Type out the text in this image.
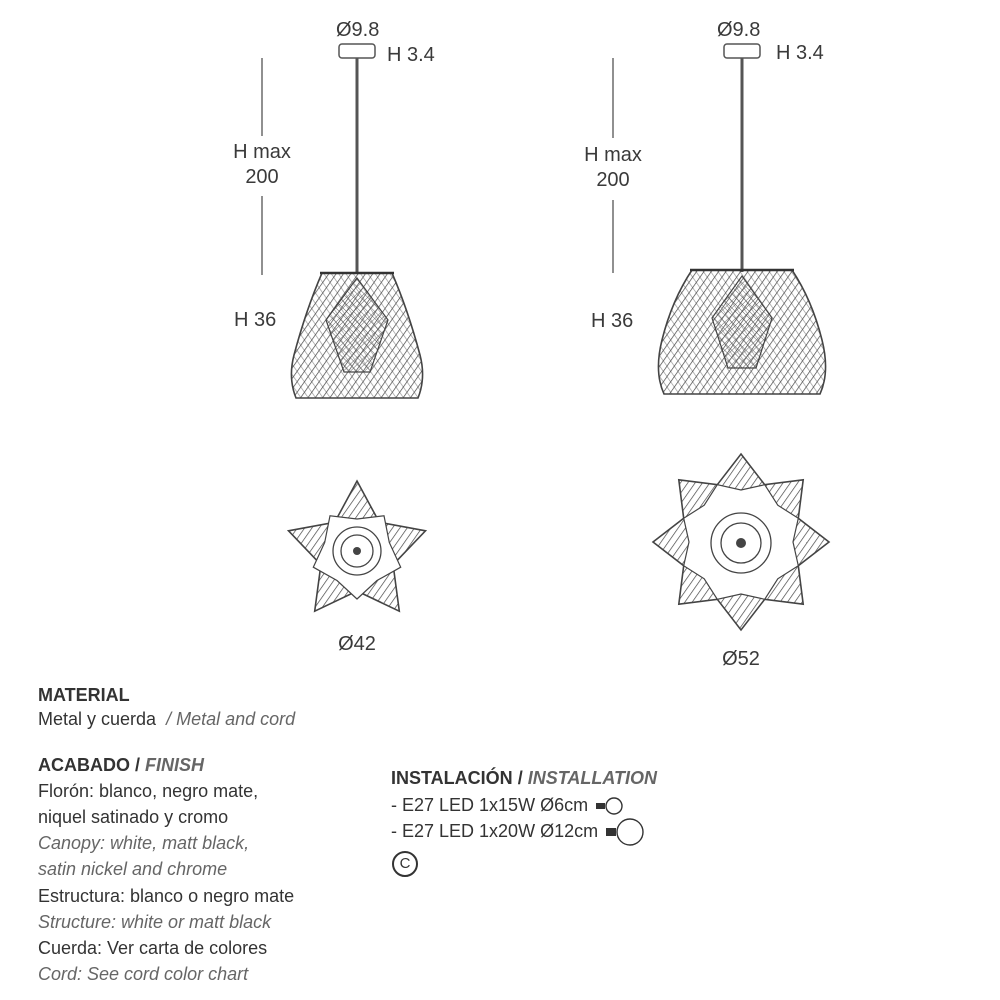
Ø9.8
H 3.4
H max
200
H 36
Ø9.8
H 3.4
H max
200
H 36
Ø42
Ø52
MATERIAL
Metal y cuerda / Metal and cord
ACABADO / FINISH
Florón: blanco, negro mate,
niquel satinado y cromo
Canopy: white, matt black,
satin nickel and chrome
Estructura: blanco o negro mate
Structure: white or matt black
Cuerda: Ver carta de colores
Cord: See cord color chart
INSTALACIÓN / INSTALLATION
- E27 LED 1x15W Ø6cm
- E27 LED 1x20W Ø12cm
C
